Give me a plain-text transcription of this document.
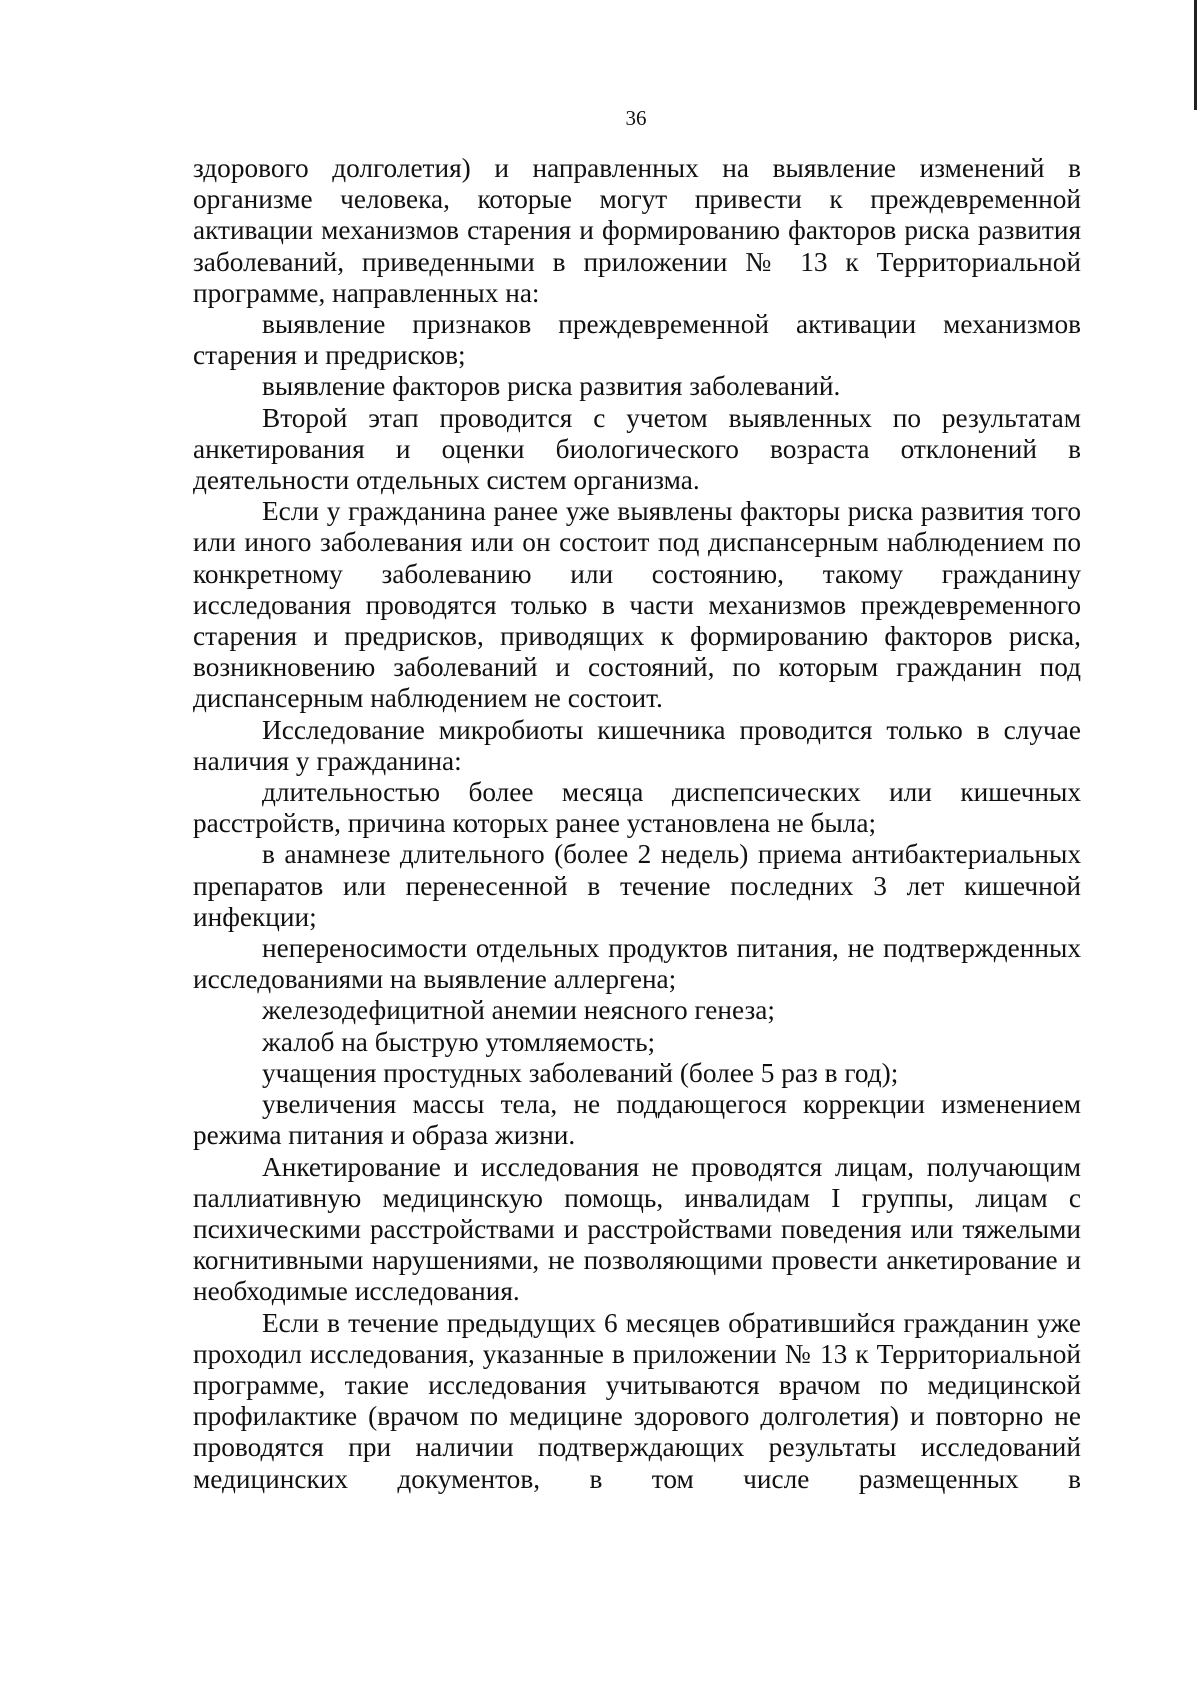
36

здорового долголетия) и направленных на выявление изменений в организме человека, которые могут привести к преждевременной активации механизмов старения и формированию факторов риска развития заболеваний, приведенными в приложении № 13 к Территориальной программе, направленных на:

выявление признаков преждевременной активации механизмов старения и предрисков;

выявление факторов риска развития заболеваний.

Второй этап проводится с учетом выявленных по результатам анкетирования и оценки биологического возраста отклонений в деятельности отдельных систем организма.

Если у гражданина ранее уже выявлены факторы риска развития того или иного заболевания или он состоит под диспансерным наблюдением по конкретному заболеванию или состоянию, такому гражданину исследования проводятся только в части механизмов преждевременного старения и предрисков, приводящих к формированию факторов риска, возникновению заболеваний и состояний, по которым гражданин под диспансерным наблюдением не состоит.

Исследование микробиоты кишечника проводится только в случае наличия у гражданина:

длительностью более месяца диспепсических или кишечных расстройств, причина которых ранее установлена не была;

в анамнезе длительного (более 2 недель) приема антибактериальных препаратов или перенесенной в течение последних 3 лет кишечной инфекции;

непереносимости отдельных продуктов питания, не подтвержденных исследованиями на выявление аллергена;

железодефицитной анемии неясного генеза;

жалоб на быструю утомляемость;

учащения простудных заболеваний (более 5 раз в год);

увеличения массы тела, не поддающегося коррекции изменением режима питания и образа жизни.

Анкетирование и исследования не проводятся лицам, получающим паллиативную медицинскую помощь, инвалидам I группы, лицам с психическими расстройствами и расстройствами поведения или тяжелыми когнитивными нарушениями, не позволяющими провести анкетирование и необходимые исследования.

Если в течение предыдущих 6 месяцев обратившийся гражданин уже проходил исследования, указанные в приложении № 13 к Территориальной программе, такие исследования учитываются врачом по медицинской профилактике (врачом по медицине здорового долголетия) и повторно не проводятся при наличии подтверждающих результаты исследований медицинских документов, в том числе размещенных в
